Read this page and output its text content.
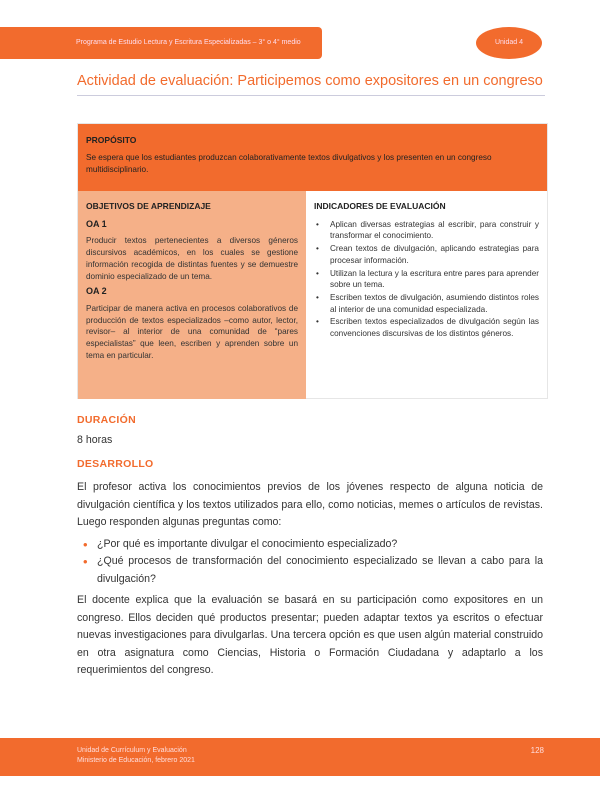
Programa de Estudio Lectura y Escritura Especializadas – 3° o 4° medio	Unidad 4
Actividad de evaluación: Participemos como expositores en un congreso
PROPÓSITO
Se espera que los estudiantes produzcan colaborativamente textos divulgativos y los presenten en un congreso multidisciplinario.
OBJETIVOS DE APRENDIZAJE
OA 1
Producir textos pertenecientes a diversos géneros discursivos académicos, en los cuales se gestione información recogida de distintas fuentes y se demuestre dominio especializado de un tema.
OA 2
Participar de manera activa en procesos colaborativos de producción de textos especializados –como autor, lector, revisor– al interior de una comunidad de “pares especialistas” que leen, escriben y aprenden sobre un tema en particular.
INDICADORES DE EVALUACIÓN
• Aplican diversas estrategias al escribir, para construir y transformar el conocimiento.
• Crean textos de divulgación, aplicando estrategias para procesar información.
• Utilizan la lectura y la escritura entre pares para aprender sobre un tema.
• Escriben textos de divulgación, asumiendo distintos roles al interior de una comunidad especializada.
• Escriben textos especializados de divulgación según las convenciones discursivas de los distintos géneros.
DURACIÓN
8 horas
DESARROLLO

El profesor activa los conocimientos previos de los jóvenes respecto de alguna noticia de divulgación científica y los textos utilizados para ello, como noticias, memes o artículos de revistas. Luego responden algunas preguntas como:

• ¿Por qué es importante divulgar el conocimiento especializado?
• ¿Qué procesos de transformación del conocimiento especializado se llevan a cabo para la divulgación?

El docente explica que la evaluación se basará en su participación como expositores en un congreso. Ellos deciden qué productos presentar; pueden adaptar textos ya escritos o efectuar nuevas investigaciones para divulgarlas. Una tercera opción es que usen algún material construido en otra asignatura como Ciencias, Historia o Formación Ciudadana y adaptarlo a los requerimientos del congreso.

Unidad de Currículum y Evaluación
Ministerio de Educación, febrero 2021
128
